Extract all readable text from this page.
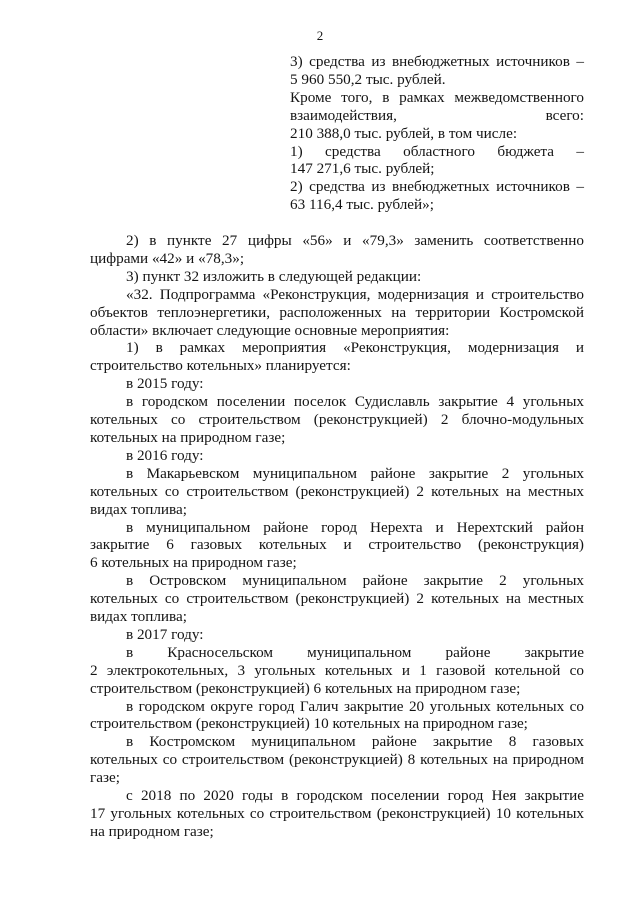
2
3) средства из внебюджетных источников –
5 960 550,2 тыс. рублей.
Кроме того, в рамках межведомственного
взаимодействия, всего:
210 388,0 тыс. рублей, в том числе:
1) средства областного бюджета –
147 271,6 тыс. рублей;
2) средства из внебюджетных источников –
63 116,4 тыс. рублей»;
2) в пункте 27 цифры «56» и «79,3» заменить соответственно
цифрами «42» и «78,3»;
3) пункт 32 изложить в следующей редакции:
«32. Подпрограмма «Реконструкция, модернизация и строительство
объектов теплоэнергетики, расположенных на территории Костромской
области» включает следующие основные мероприятия:
1) в рамках мероприятия «Реконструкция, модернизация и
строительство котельных» планируется:
в 2015 году:
в городском поселении поселок Судиславль закрытие 4 угольных
котельных со строительством (реконструкцией) 2 блочно-модульных
котельных на природном газе;
в 2016 году:
в Макарьевском муниципальном районе закрытие 2 угольных
котельных со строительством (реконструкцией) 2 котельных на местных
видах топлива;
в муниципальном районе город Нерехта и Нерехтский район
закрытие 6 газовых котельных и строительство (реконструкция)
6 котельных на природном газе;
в Островском муниципальном районе закрытие 2 угольных
котельных со строительством (реконструкцией) 2 котельных на местных
видах топлива;
в 2017 году:
в Красносельском муниципальном районе закрытие
2 электрокотельных, 3 угольных котельных и 1 газовой котельной со
строительством (реконструкцией) 6 котельных на природном газе;
в городском округе город Галич закрытие 20 угольных котельных со
строительством (реконструкцией) 10 котельных на природном газе;
в Костромском муниципальном районе закрытие 8 газовых
котельных со строительством (реконструкцией) 8 котельных на природном
газе;
с 2018 по 2020 годы в городском поселении город Нея закрытие
17 угольных котельных со строительством (реконструкцией) 10 котельных
на природном газе;
